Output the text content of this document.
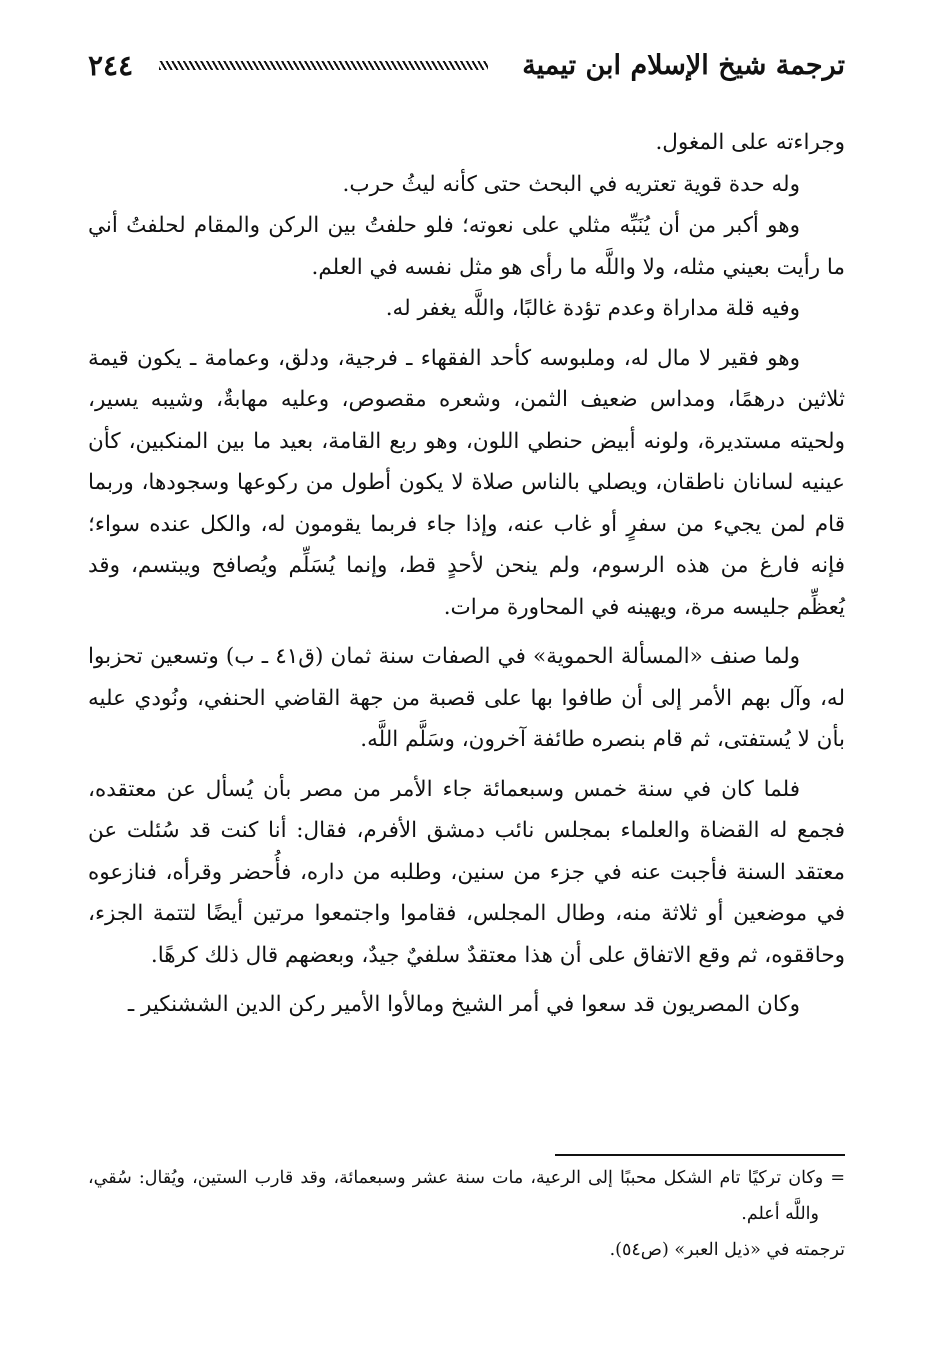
ترجمة شيخ الإسلام ابن تيمية
٢٤٤

وجراءته على المغول.

وله حدة قوية تعتريه في البحث حتى كأنه ليثُ حرب.

وهو أكبر من أن يُنَبِّه مثلي على نعوته؛ فلو حلفتُ بين الركن والمقام لحلفتُ أني ما رأيت بعيني مثله، ولا واللَّه ما رأى هو مثل نفسه في العلم.

وفيه قلة مداراة وعدم تؤدة غالبًا، واللَّه يغفر له.

وهو فقير لا مال له، وملبوسه كأحد الفقهاء ـ فرجية، ودلق، وعمامة ـ يكون قيمة ثلاثين درهمًا، ومداس ضعيف الثمن، وشعره مقصوص، وعليه مهابةٌ، وشيبه يسير، ولحيته مستديرة، ولونه أبيض حنطي اللون، وهو ربع القامة، بعيد ما بين المنكبين، كأن عينيه لسانان ناطقان، ويصلي بالناس صلاة لا يكون أطول من ركوعها وسجودها، وربما قام لمن يجيء من سفرٍ أو غاب عنه، وإذا جاء فربما يقومون له، والكل عنده سواء؛ فإنه فارغ من هذه الرسوم، ولم ينحن لأحدٍ قط، وإنما يُسَلِّم ويُصافح ويبتسم، وقد يُعظِّم جليسه مرة، ويهينه في المحاورة مرات.

ولما صنف «المسألة الحموية» في الصفات سنة ثمان (ق٤١ ـ ب) وتسعين تحزبوا له، وآل بهم الأمر إلى أن طافوا بها على قصبة من جهة القاضي الحنفي، ونُودي عليه بأن لا يُستفتى، ثم قام بنصره طائفة آخرون، وسَلَّم اللَّه.

فلما كان في سنة خمس وسبعمائة جاء الأمر من مصر بأن يُسأل عن معتقده، فجمع له القضاة والعلماء بمجلس نائب دمشق الأفرم، فقال: أنا كنت قد سُئلت عن معتقد السنة فأجبت عنه في جزء من سنين، وطلبه من داره، فأُحضر وقرأه، فنازعوه في موضعين أو ثلاثة منه، وطال المجلس، فقاموا واجتمعوا مرتين أيضًا لتتمة الجزء، وحاققوه، ثم وقع الاتفاق على أن هذا معتقدٌ سلفيٌ جيدٌ، وبعضهم قال ذلك كرهًا.

وكان المصريون قد سعوا في أمر الشيخ ومالأوا الأمير ركن الدين الششنكير ـ

= وكان تركيًا تام الشكل محببًا إلى الرعية، مات سنة عشر وسبعمائة، وقد قارب الستين، ويُقال: سُقي، واللَّه أعلم.

ترجمته في «ذيل العبر» (ص٥٤).
